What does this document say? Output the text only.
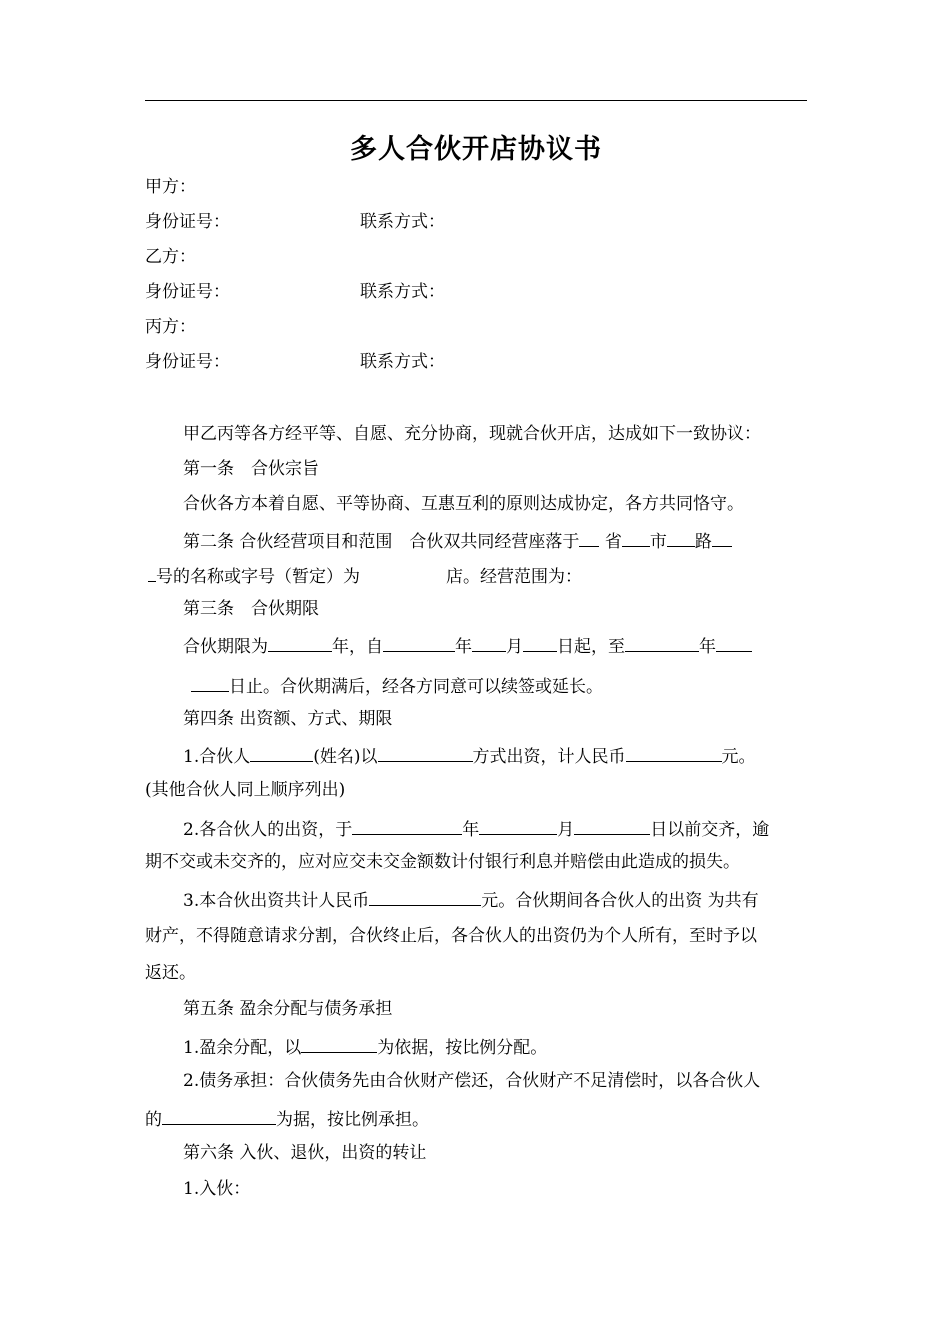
多人合伙开店协议书
甲方：
身份证号：	联系方式：
乙方：
身份证号：	联系方式：
丙方：
身份证号：	联系方式：
甲乙丙等各方经平等、自愿、充分协商，现就合伙开店，达成如下一致协议：
第一条　合伙宗旨
合伙各方本着自愿、平等协商、互惠互利的原则达成协定，各方共同恪守。
第二条 合伙经营项目和范围　合伙双共同经营座落于 省 市 路
号的名称或字号（暂定）为	店。经营范围为：
第三条　合伙期限
合伙期限为	年，自	年 月 日起，至	年
日止。合伙期满后，经各方同意可以续签或延长。
第四条 出资额、方式、期限
1.合伙人	(姓名)以	方式出资，计人民币	元。
(其他合伙人同上顺序列出)
2.各合伙人的出资，于	年	月	日以前交齐，逾
期不交或未交齐的，应对应交未交金额数计付银行利息并赔偿由此造成的损失。
3.本合伙出资共计人民币	元。合伙期间各合伙人的出资 为共有
财产，不得随意请求分割，合伙终止后，各合伙人的出资仍为个人所有，至时予以
返还。
第五条 盈余分配与债务承担
1.盈余分配，以	为依据，按比例分配。
2.债务承担：合伙债务先由合伙财产偿还，合伙财产不足清偿时，以各合伙人
的	为据，按比例承担。
第六条 入伙、退伙，出资的转让
1.入伙：
